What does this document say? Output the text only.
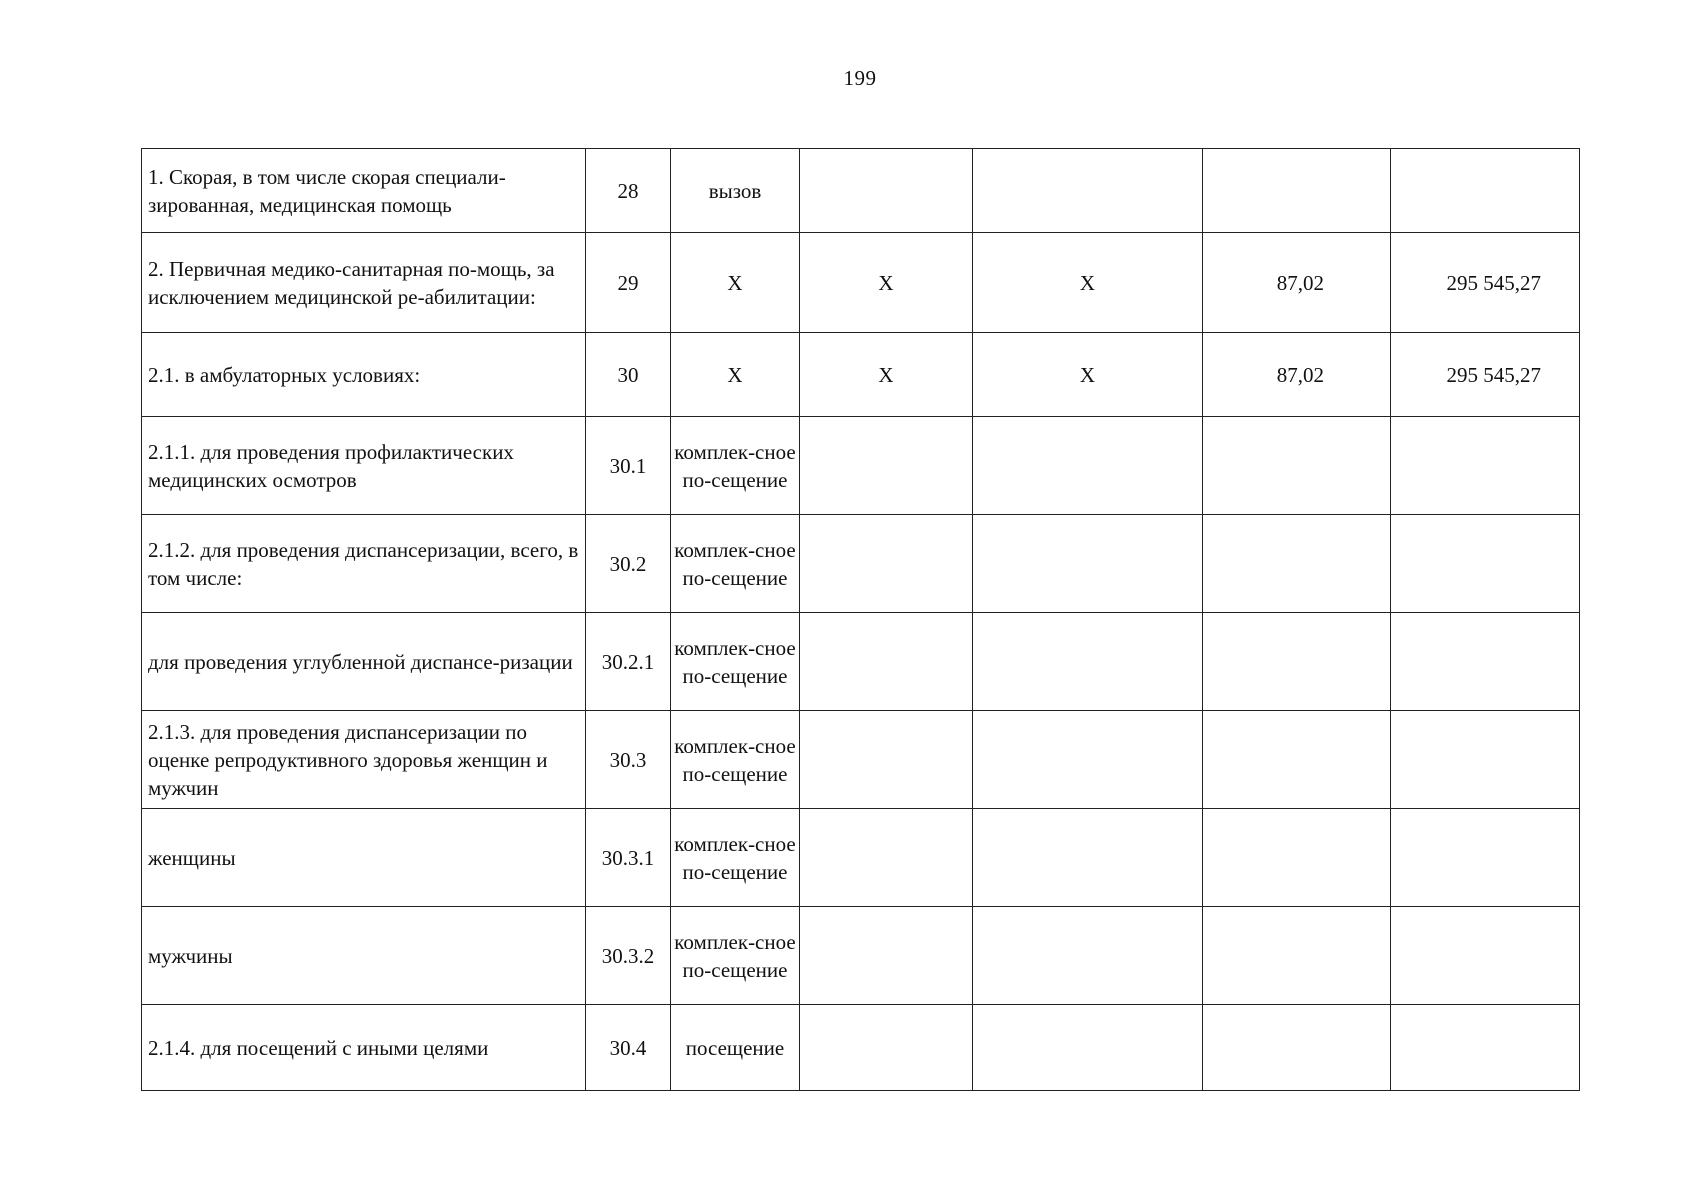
199
1. Скорая, в том числе скорая специали-зированная, медицинская помощь	28	вызов				
2. Первичная медико-санитарная по-мощь, за исключением медицинской ре-абилитации:	29	X	X	X	87,02	295 545,27
2.1. в амбулаторных условиях:	30	X	X	X	87,02	295 545,27
2.1.1. для проведения профилактических медицинских осмотров	30.1	комплек-сное по-сещение				
2.1.2. для проведения диспансеризации, всего, в том числе:	30.2	комплек-сное по-сещение				
для проведения углубленной диспансе-ризации	30.2.1	комплек-сное по-сещение				
2.1.3. для проведения диспансеризации по оценке репродуктивного здоровья женщин и мужчин	30.3	комплек-сное по-сещение				
женщины	30.3.1	комплек-сное по-сещение				
мужчины	30.3.2	комплек-сное по-сещение				
2.1.4. для посещений с иными целями	30.4	посещение				
